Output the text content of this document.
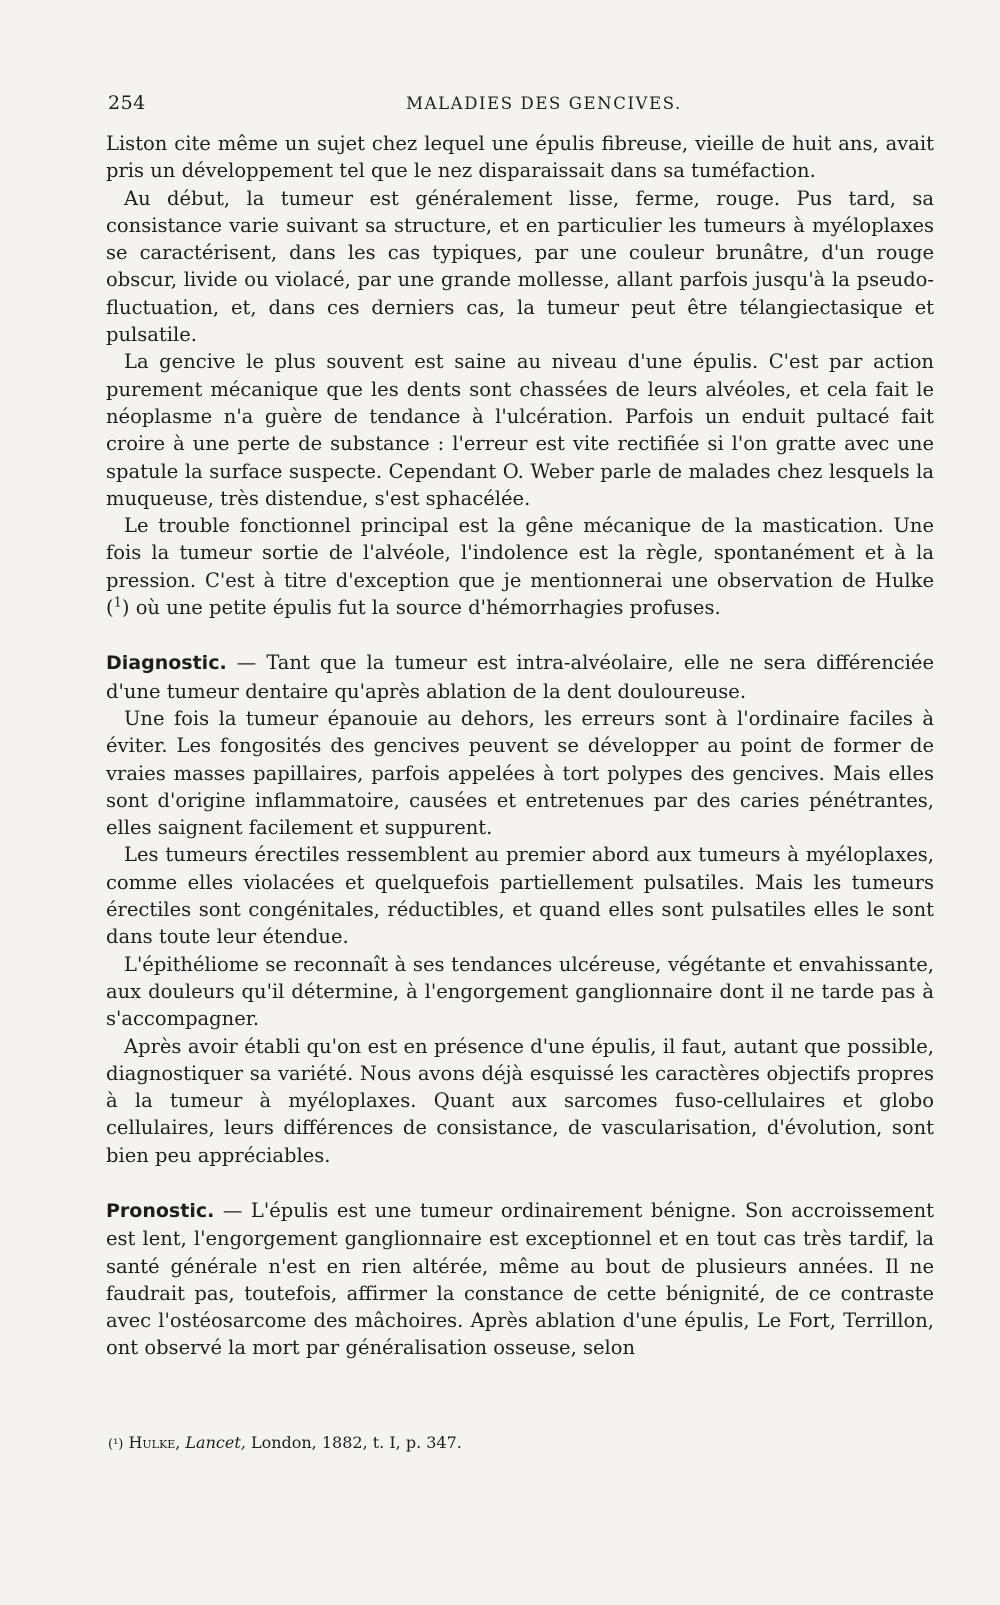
254	MALADIES DES GENCIVES.

Liston cite même un sujet chez lequel une épulis fibreuse, vieille de huit ans, avait pris un développement tel que le nez disparaissait dans sa tuméfaction.

Au début, la tumeur est généralement lisse, ferme, rouge. Pus tard, sa consistance varie suivant sa structure, et en particulier les tumeurs à myéloplaxes se caractérisent, dans les cas typiques, par une couleur brunâtre, d'un rouge obscur, livide ou violacé, par une grande mollesse, allant parfois jusqu'à la pseudo-fluctuation, et, dans ces derniers cas, la tumeur peut être télangiectasique et pulsatile.

La gencive le plus souvent est saine au niveau d'une épulis. C'est par action purement mécanique que les dents sont chassées de leurs alvéoles, et cela fait le néoplasme n'a guère de tendance à l'ulcération. Parfois un enduit pultacé fait croire à une perte de substance : l'erreur est vite rectifiée si l'on gratte avec une spatule la surface suspecte. Cependant O. Weber parle de malades chez lesquels la muqueuse, très distendue, s'est sphacélée.

Le trouble fonctionnel principal est la gêne mécanique de la mastication. Une fois la tumeur sortie de l'alvéole, l'indolence est la règle, spontanément et à la pression. C'est à titre d'exception que je mentionnerai une observation de Hulke ($^1$) où une petite épulis fut la source d'hémorrhagies profuses.

Diagnostic. — Tant que la tumeur est intra-alvéolaire, elle ne sera différenciée d'une tumeur dentaire qu'après ablation de la dent douloureuse.

Une fois la tumeur épanouie au dehors, les erreurs sont à l'ordinaire faciles à éviter. Les fongosités des gencives peuvent se développer au point de former de vraies masses papillaires, parfois appelées à tort polypes des gencives. Mais elles sont d'origine inflammatoire, causées et entretenues par des caries pénétrantes, elles saignent facilement et suppurent.

Les tumeurs érectiles ressemblent au premier abord aux tumeurs à myéloplaxes, comme elles violacées et quelquefois partiellement pulsatiles. Mais les tumeurs érectiles sont congénitales, réductibles, et quand elles sont pulsatiles elles le sont dans toute leur étendue.

L'épithéliome se reconnaît à ses tendances ulcéreuse, végétante et envahissante, aux douleurs qu'il détermine, à l'engorgement ganglionnaire dont il ne tarde pas à s'accompagner.

Après avoir établi qu'on est en présence d'une épulis, il faut, autant que possible, diagnostiquer sa variété. Nous avons déjà esquissé les caractères objectifs propres à la tumeur à myéloplaxes. Quant aux sarcomes fuso-cellulaires et globo cellulaires, leurs différences de consistance, de vascularisation, d'évolution, sont bien peu appréciables.

Pronostic. — L'épulis est une tumeur ordinairement bénigne. Son accroissement est lent, l'engorgement ganglionnaire est exceptionnel et en tout cas très tardif, la santé générale n'est en rien altérée, même au bout de plusieurs années. Il ne faudrait pas, toutefois, affirmer la constance de cette bénignité, de ce contraste avec l'ostéosarcome des mâchoires. Après ablation d'une épulis, Le Fort, Terrillon, ont observé la mort par généralisation osseuse, selon

(¹) Hulke, Lancet, London, 1882, t. I, p. 347.
